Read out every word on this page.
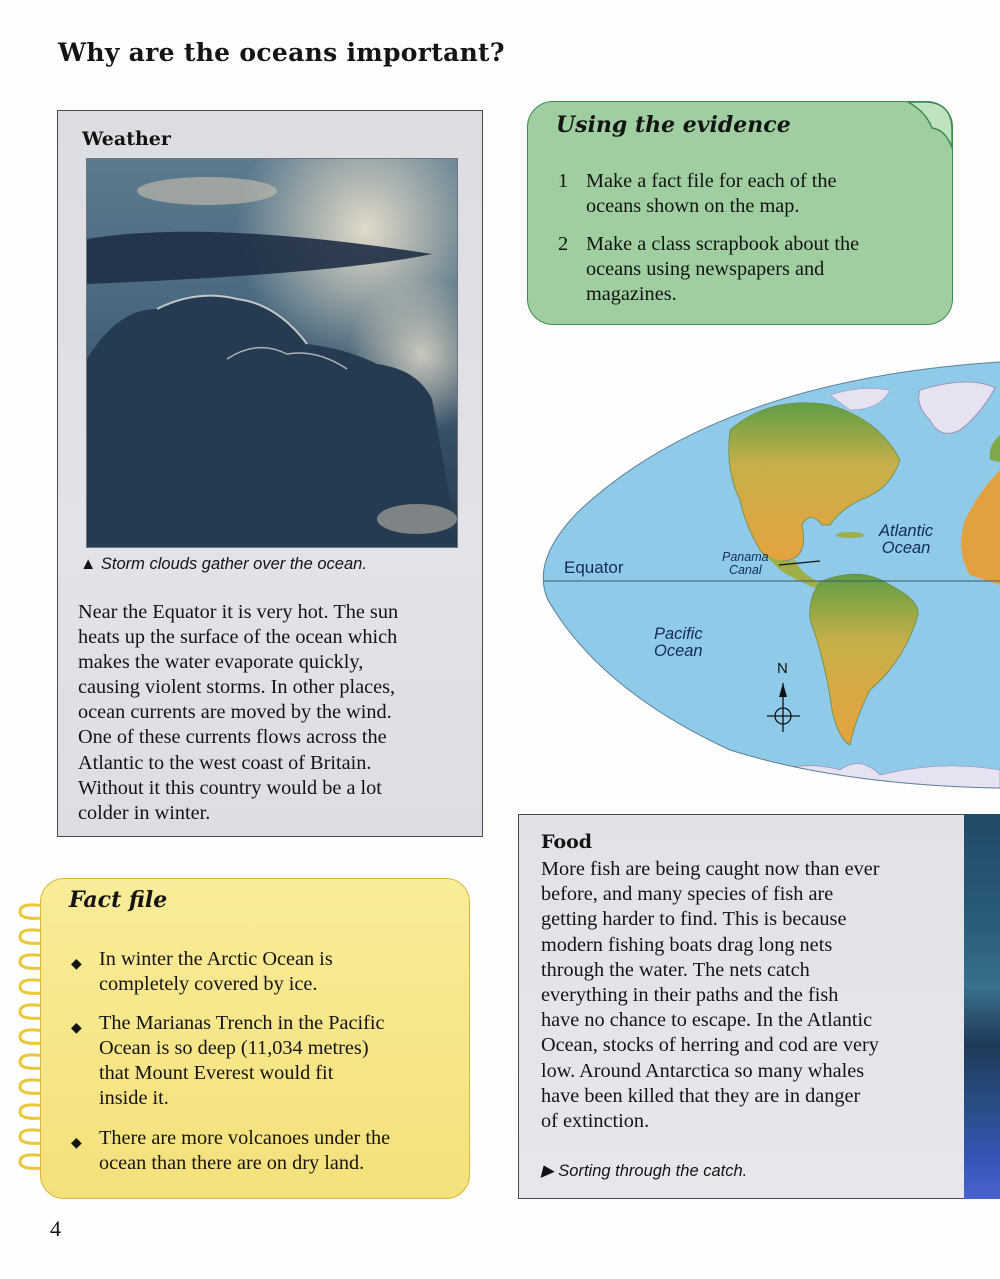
Why are the oceans important?
Weather
▲ Storm clouds gather over the ocean.
Near the Equator it is very hot. The sun
heats up the surface of the ocean which
makes the water evaporate quickly,
causing violent storms. In other places,
ocean currents are moved by the wind.
One of these currents flows across the
Atlantic to the west coast of Britain.
Without it this country would be a lot
colder in winter.
Using the evidence
1 Make a fact file for each of the
oceans shown on the map.
2 Make a class scrapbook about the
oceans using newspapers and
magazines.
Equator
Panama
Canal
Atlantic
Ocean
Pacific
Ocean
N
Fact file
◆ In winter the Arctic Ocean is
completely covered by ice.
◆ The Marianas Trench in the Pacific
Ocean is so deep (11,034 metres)
that Mount Everest would fit
inside it.
◆ There are more volcanoes under the
ocean than there are on dry land.
Food
More fish are being caught now than ever
before, and many species of fish are
getting harder to find. This is because
modern fishing boats drag long nets
through the water. The nets catch
everything in their paths and the fish
have no chance to escape. In the Atlantic
Ocean, stocks of herring and cod are very
low. Around Antarctica so many whales
have been killed that they are in danger
of extinction.
▶ Sorting through the catch.
4
